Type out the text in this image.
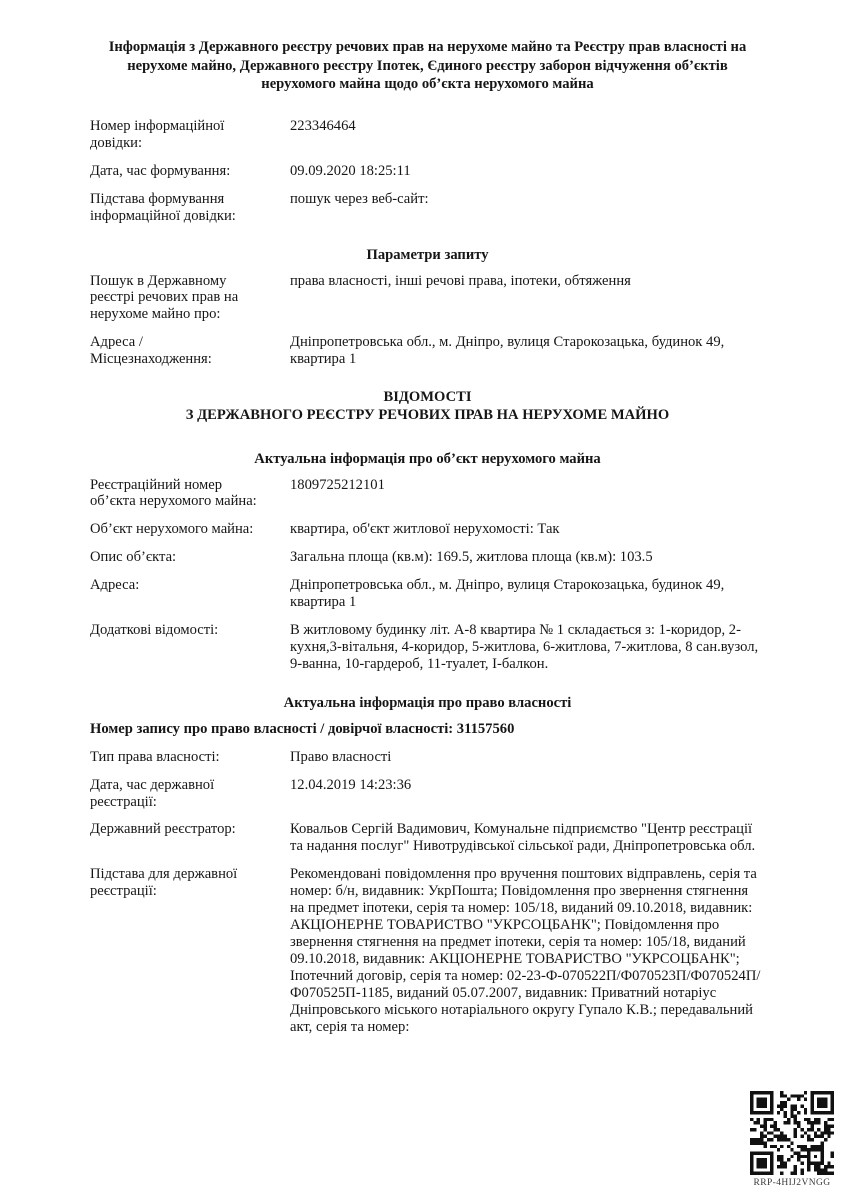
Інформація з Державного реєстру речових прав на нерухоме майно та Реєстру прав власності на нерухоме майно, Державного реєстру Іпотек, Єдиного реєстру заборон відчуження об’єктів нерухомого майна щодо об’єкта нерухомого майна
Номер інформаційної довідки:
223346464
Дата, час формування:	09.09.2020 18:25:11
Підстава формування інформаційної довідки:
пошук через веб-сайт:
Параметри запиту
Пошук в Державному реєстрі речових прав на нерухоме майно про:
права власності, інші речові права, іпотеки, обтяження
Адреса / Місцезнаходження:
Дніпропетровська обл., м. Дніпро, вулиця Старокозацька, будинок 49, квартира 1
ВІДОМОСТІ
З ДЕРЖАВНОГО РЕЄСТРУ РЕЧОВИХ ПРАВ НА НЕРУХОМЕ МАЙНО
Актуальна інформація про об’єкт нерухомого майна
Реєстраційний номер об’єкта нерухомого майна:
1809725212101
Об’єкт нерухомого майна:	квартира, об'єкт житлової нерухомості: Так
Опис об’єкта:	Загальна площа (кв.м): 169.5, житлова площа (кв.м): 103.5
Адреса:	Дніпропетровська обл., м. Дніпро, вулиця Старокозацька, будинок 49, квартира 1
Додаткові відомості:	В житловому будинку літ. А-8 квартира № 1 складається з: 1-коридор, 2-кухня,3-вітальня, 4-коридор, 5-житлова, 6-житлова, 7-житлова, 8 сан.вузол, 9-ванна, 10-гардероб, 11-туалет, І-балкон.
Актуальна інформація про право власності
Номер запису про право власності / довірчої власності: 31157560
Тип права власності:	Право власності
Дата, час державної реєстрації:
12.04.2019 14:23:36
Державний реєстратор:	Ковальов Сергій Вадимович, Комунальне підприємство "Центр реєстрації та надання послуг" Нивотрудівської сільської ради, Дніпропетровська обл.
Підстава для державної реєстрації:
Рекомендовані повідомлення про вручення поштових відправлень, серія та номер: б/н, видавник: УкрПошта; Повідомлення про звернення стягнення на предмет іпотеки, серія та номер: 105/18, виданий 09.10.2018, видавник: АКЦІОНЕРНЕ ТОВАРИСТВО "УКРСОЦБАНК"; Повідомлення про звернення стягнення на предмет іпотеки, серія та номер: 105/18, виданий 09.10.2018, видавник: АКЦІОНЕРНЕ ТОВАРИСТВО "УКРСОЦБАНК"; Іпотечний договір, серія та номер: 02-23-Ф-070522П/Ф070523П/Ф070524П/Ф070525П-1185, виданий 05.07.2007, видавник: Приватний нотаріус Дніпровського міського нотаріального округу Гупало К.В.; передавальний акт, серія та номер:
RRP-4HIJ2VNGG
